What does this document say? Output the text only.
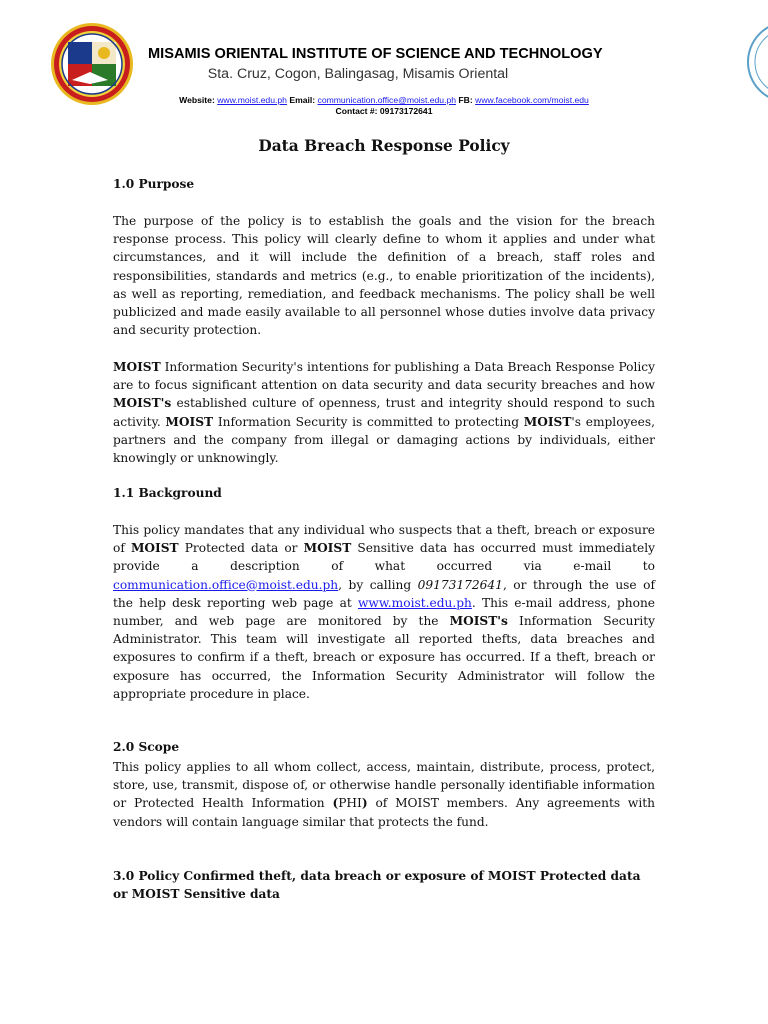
MISAMIS ORIENTAL INSTITUTE OF SCIENCE AND TECHNOLOGY
Sta. Cruz, Cogon, Balingasag, Misamis Oriental
Website: www.moist.edu.ph Email: communication.office@moist.edu.ph FB: www.facebook.com/moist.edu
Contact #: 09173172641
Data Breach Response Policy
1.0 Purpose
The purpose of the policy is to establish the goals and the vision for the breach response process. This policy will clearly define to whom it applies and under what circumstances, and it will include the definition of a breach, staff roles and responsibilities, standards and metrics (e.g., to enable prioritization of the incidents), as well as reporting, remediation, and feedback mechanisms. The policy shall be well publicized and made easily available to all personnel whose duties involve data privacy and security protection.
MOIST Information Security's intentions for publishing a Data Breach Response Policy are to focus significant attention on data security and data security breaches and how MOIST's established culture of openness, trust and integrity should respond to such activity. MOIST Information Security is committed to protecting MOIST's employees, partners and the company from illegal or damaging actions by individuals, either knowingly or unknowingly.
1.1 Background
This policy mandates that any individual who suspects that a theft, breach or exposure of MOIST Protected data or MOIST Sensitive data has occurred must immediately provide a description of what occurred via e-mail to communication.office@moist.edu.ph, by calling 09173172641, or through the use of the help desk reporting web page at www.moist.edu.ph. This e-mail address, phone number, and web page are monitored by the MOIST's Information Security Administrator. This team will investigate all reported thefts, data breaches and exposures to confirm if a theft, breach or exposure has occurred. If a theft, breach or exposure has occurred, the Information Security Administrator will follow the appropriate procedure in place.
2.0 Scope
This policy applies to all whom collect, access, maintain, distribute, process, protect, store, use, transmit, dispose of, or otherwise handle personally identifiable information or Protected Health Information (PHI) of MOIST members. Any agreements with vendors will contain language similar that protects the fund.
3.0 Policy Confirmed theft, data breach or exposure of MOIST Protected data or MOIST Sensitive data
